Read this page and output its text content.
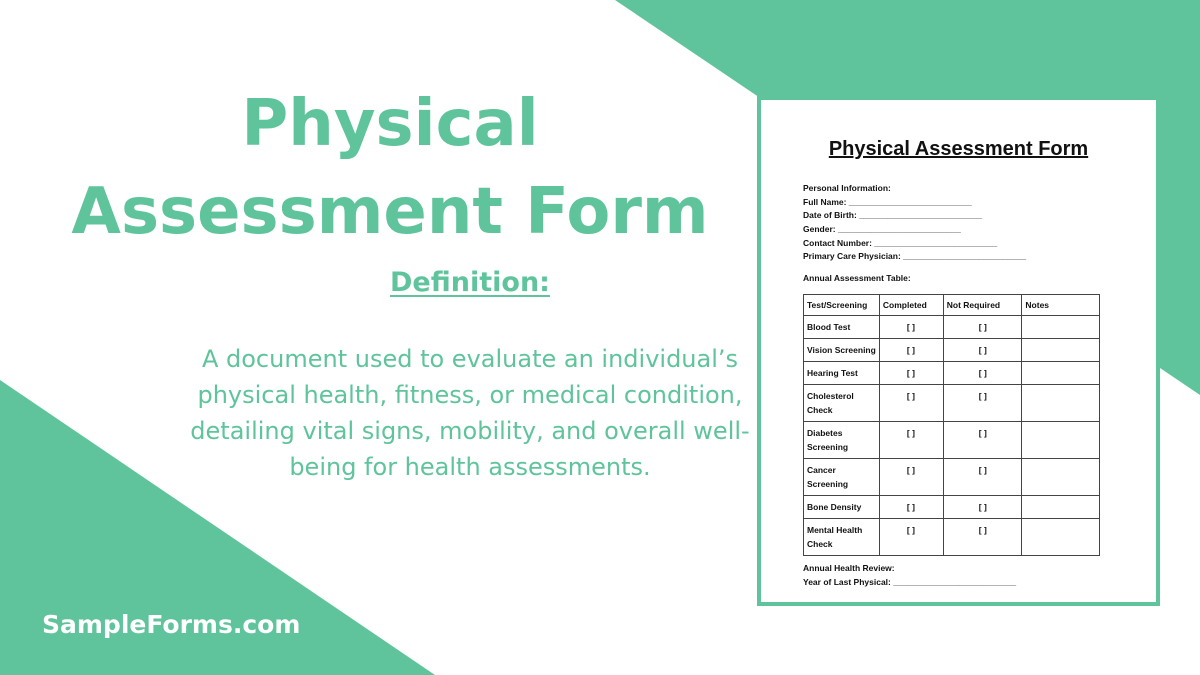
Physical
Assessment Form
Definition:

A document used to evaluate an individual’s physical health, fitness, or medical condition, detailing vital signs, mobility, and overall well-being for health assessments.

SampleForms.com
Physical Assessment Form
Personal Information:
Full Name: __________________________
Date of Birth: __________________________
Gender: __________________________
Contact Number: __________________________
Primary Care Physician: __________________________
Annual Assessment Table:
Test/Screening	Completed	Not Required	Notes
Blood Test	[ ]	[ ]	
Vision Screening	[ ]	[ ]	
Hearing Test	[ ]	[ ]	
Cholesterol Check	[ ]	[ ]	
Diabetes Screening	[ ]	[ ]	
Cancer Screening	[ ]	[ ]	
Bone Density	[ ]	[ ]	
Mental Health Check	[ ]	[ ]	
Annual Health Review:
Year of Last Physical: __________________________
